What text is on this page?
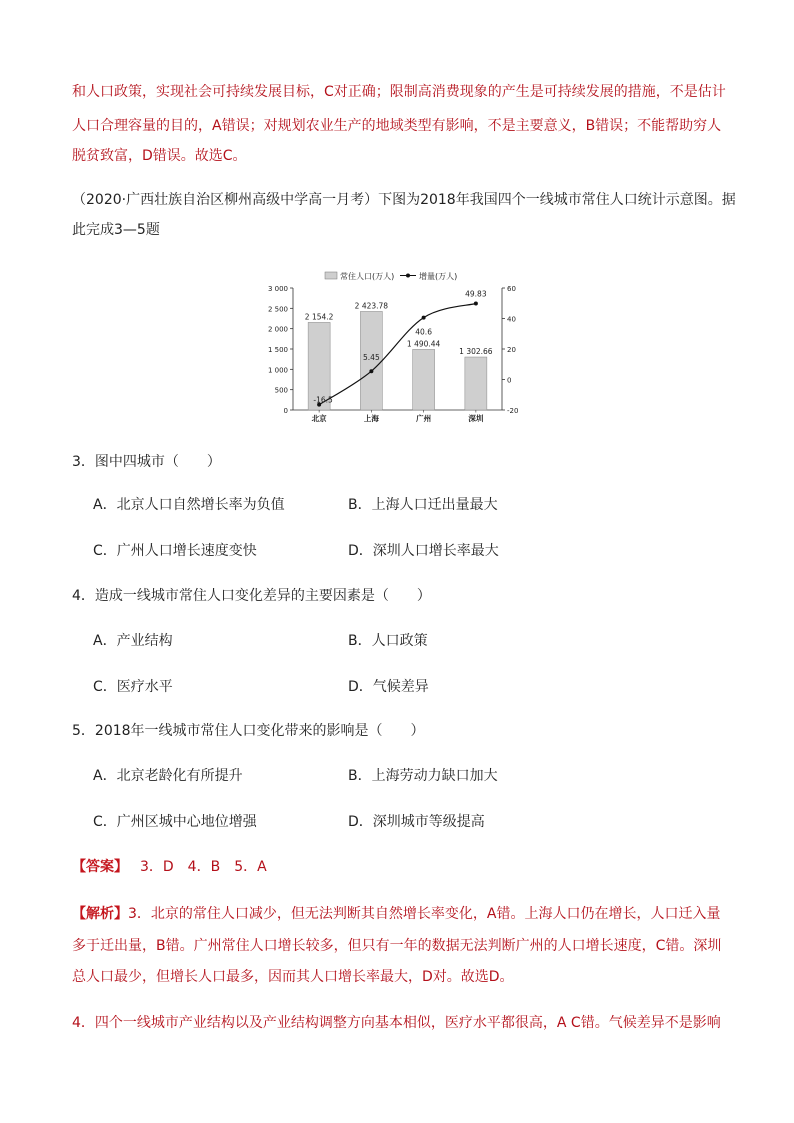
和人口政策，实现社会可持续发展目标，C对正确；限制高消费现象的产生是可持续发展的措施，不是估计
人口合理容量的目的，A错误；对规划农业生产的地域类型有影响，不是主要意义，B错误；不能帮助穷人
脱贫致富，D错误。故选C。
（2020·广西壮族自治区柳州高级中学高一月考）下图为2018年我国四个一线城市常住人口统计示意图。据
此完成3—5题
常住人口(万人)	增量(万人)
0
500
1 000
1 500
2 000
2 500
3 000
-20
0
20
40
60
2 154.2
北京
2 423.78
上海
1 490.44
广州
1 302.66
深圳
-16.5
5.45
40.6
49.83
3．图中四城市（　　）
A．北京人口自然增长率为负值	B．上海人口迁出量最大
C．广州人口增长速度变快	D．深圳人口增长率最大
4．造成一线城市常住人口变化差异的主要因素是（　　）
A．产业结构	B．人口政策
C．医疗水平	D．气候差异
5．2018年一线城市常住人口变化带来的影响是（　　）
A．北京老龄化有所提升	B．上海劳动力缺口加大
C．广州区城中心地位增强	D．深圳城市等级提高
【答案】 3．D　4．B　5．A
【解析】3．北京的常住人口减少，但无法判断其自然增长率变化，A错。上海人口仍在增长，人口迁入量
多于迁出量，B错。广州常住人口增长较多，但只有一年的数据无法判断广州的人口增长速度，C错。深圳
总人口最少，但增长人口最多，因而其人口增长率最大，D对。故选D。
4．四个一线城市产业结构以及产业结构调整方向基本相似，医疗水平都很高，A C错。气候差异不是影响
